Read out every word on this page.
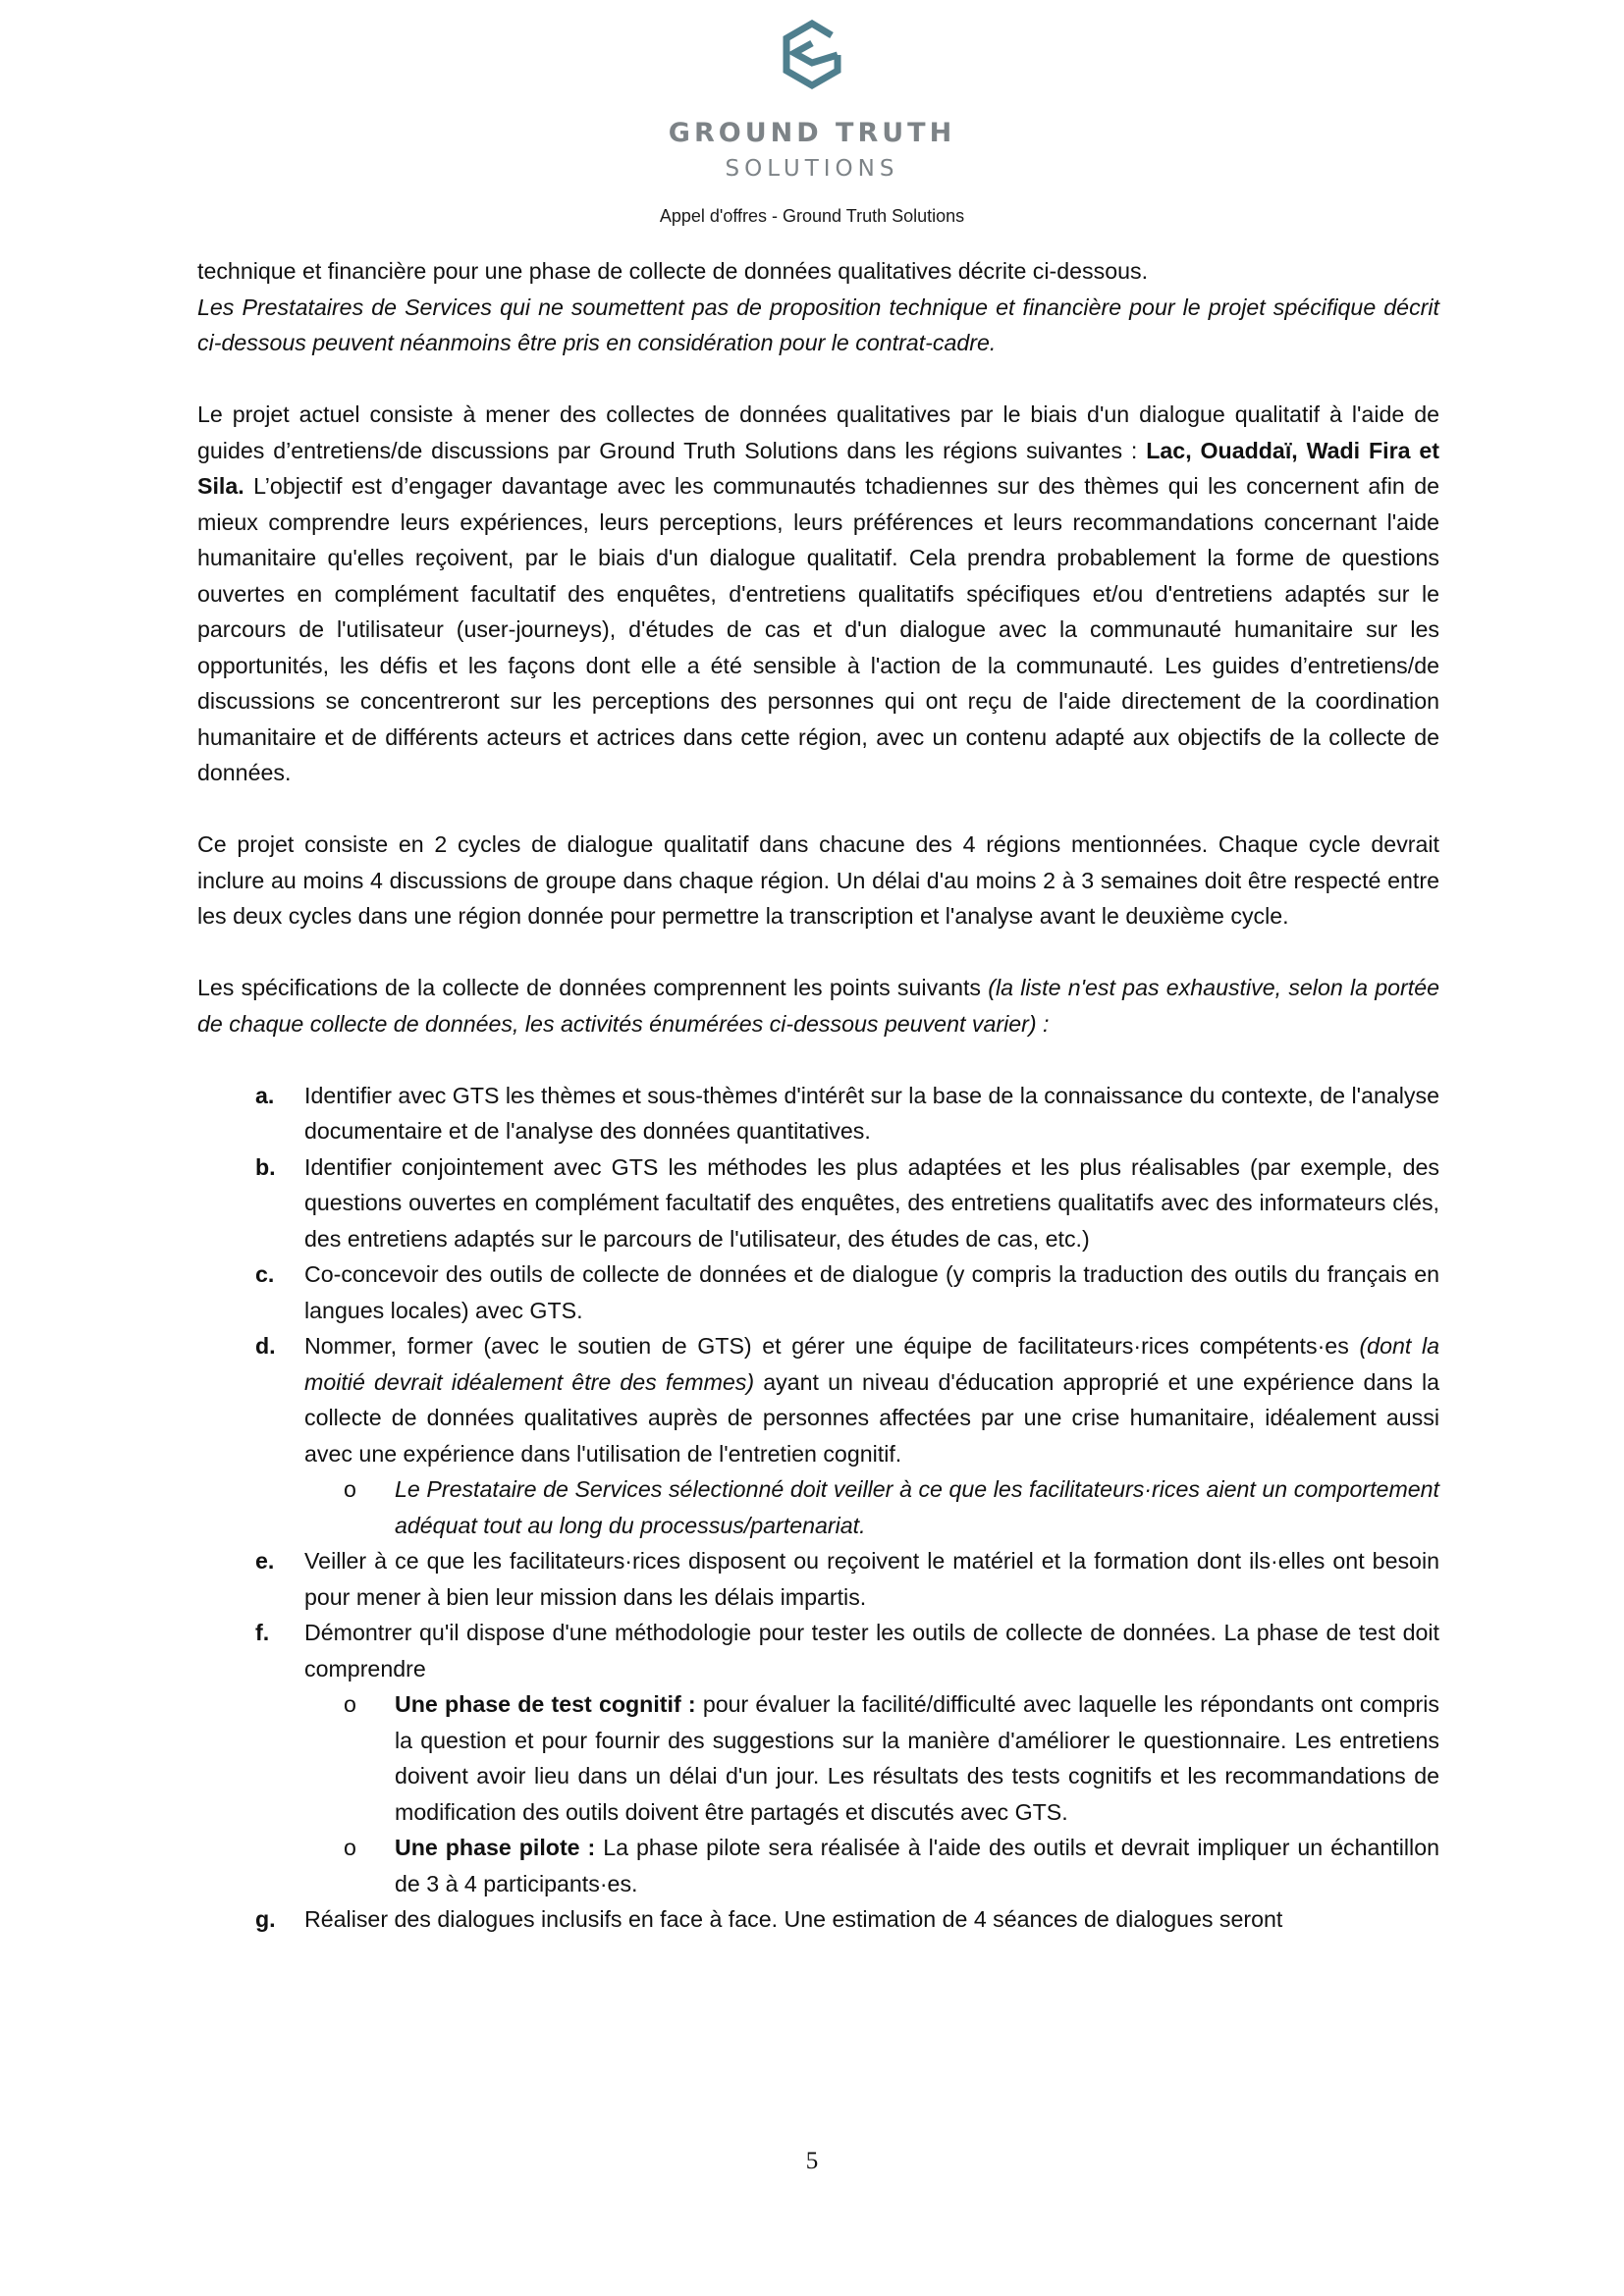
GROUND TRUTH
SOLUTIONS
Appel d'offres - Ground Truth Solutions

technique et financière pour une phase de collecte de données qualitatives décrite ci-dessous.

Les Prestataires de Services qui ne soumettent pas de proposition technique et financière pour le projet spécifique décrit ci-dessous peuvent néanmoins être pris en considération pour le contrat-cadre.

Le projet actuel consiste à mener des collectes de données qualitatives par le biais d'un dialogue qualitatif à l'aide de guides d’entretiens/de discussions par Ground Truth Solutions dans les régions suivantes : Lac, Ouaddaï, Wadi Fira et Sila. L’objectif est d’engager davantage avec les communautés tchadiennes sur des thèmes qui les concernent afin de mieux comprendre leurs expériences, leurs perceptions, leurs préférences et leurs recommandations concernant l'aide humanitaire qu'elles reçoivent, par le biais d'un dialogue qualitatif. Cela prendra probablement la forme de questions ouvertes en complément facultatif des enquêtes, d'entretiens qualitatifs spécifiques et/ou d'entretiens adaptés sur le parcours de l'utilisateur (user-journeys), d'études de cas et d'un dialogue avec la communauté humanitaire sur les opportunités, les défis et les façons dont elle a été sensible à l'action de la communauté. Les guides d’entretiens/de discussions se concentreront sur les perceptions des personnes qui ont reçu de l'aide directement de la coordination humanitaire et de différents acteurs et actrices dans cette région, avec un contenu adapté aux objectifs de la collecte de données.

Ce projet consiste en 2 cycles de dialogue qualitatif dans chacune des 4 régions mentionnées. Chaque cycle devrait inclure au moins 4 discussions de groupe dans chaque région. Un délai d'au moins 2 à 3 semaines doit être respecté entre les deux cycles dans une région donnée pour permettre la transcription et l'analyse avant le deuxième cycle.

Les spécifications de la collecte de données comprennent les points suivants (la liste n'est pas exhaustive, selon la portée de chaque collecte de données, les activités énumérées ci-dessous peuvent varier) :

a. Identifier avec GTS les thèmes et sous-thèmes d'intérêt sur la base de la connaissance du contexte, de l'analyse documentaire et de l'analyse des données quantitatives.
b. Identifier conjointement avec GTS les méthodes les plus adaptées et les plus réalisables (par exemple, des questions ouvertes en complément facultatif des enquêtes, des entretiens qualitatifs avec des informateurs clés, des entretiens adaptés sur le parcours de l'utilisateur, des études de cas, etc.)
c. Co-concevoir des outils de collecte de données et de dialogue (y compris la traduction des outils du français en langues locales) avec GTS.
d. Nommer, former (avec le soutien de GTS) et gérer une équipe de facilitateurs·rices compétents·es (dont la moitié devrait idéalement être des femmes) ayant un niveau d'éducation approprié et une expérience dans la collecte de données qualitatives auprès de personnes affectées par une crise humanitaire, idéalement aussi avec une expérience dans l'utilisation de l'entretien cognitif.
o Le Prestataire de Services sélectionné doit veiller à ce que les facilitateurs·rices aient un comportement adéquat tout au long du processus/partenariat.
e. Veiller à ce que les facilitateurs·rices disposent ou reçoivent le matériel et la formation dont ils·elles ont besoin pour mener à bien leur mission dans les délais impartis.
f. Démontrer qu'il dispose d'une méthodologie pour tester les outils de collecte de données. La phase de test doit comprendre
o Une phase de test cognitif : pour évaluer la facilité/difficulté avec laquelle les répondants ont compris la question et pour fournir des suggestions sur la manière d'améliorer le questionnaire. Les entretiens doivent avoir lieu dans un délai d'un jour. Les résultats des tests cognitifs et les recommandations de modification des outils doivent être partagés et discutés avec GTS.
o Une phase pilote : La phase pilote sera réalisée à l'aide des outils et devrait impliquer un échantillon de 3 à 4 participants·es.
g. Réaliser des dialogues inclusifs en face à face. Une estimation de 4 séances de dialogues seront
5
